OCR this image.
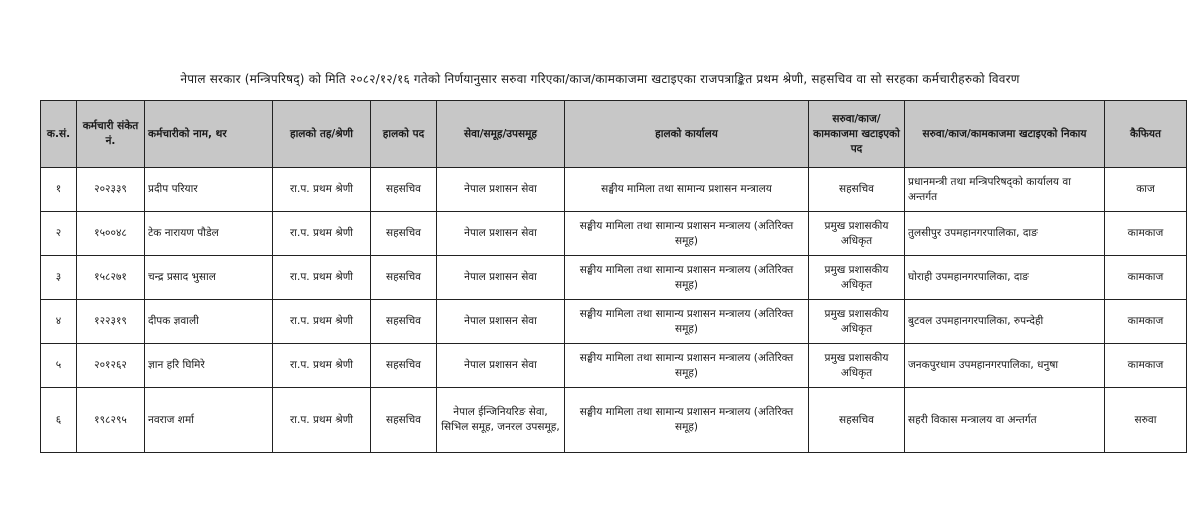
नेपाल सरकार (मन्त्रिपरिषद्) को मिति २०८२/१२/१६ गतेको निर्णयानुसार सरुवा गरिएका/काज/कामकाजमा खटाइएका राजपत्राङ्कित प्रथम श्रेणी, सहसचिव वा सो सरहका कर्मचारीहरुको विवरण
क.सं.	कर्मचारी संकेत नं.	कर्मचारीको नाम, थर	हालको तह/श्रेणी	हालको पद	सेवा/समूह/उपसमूह	हालको कार्यालय	सरुवा/काज/कामकाजमा खटाइएको पद	सरुवा/काज/कामकाजमा खटाइएको निकाय	कैफियत
१	२०२३३९	प्रदीप परियार	रा.प. प्रथम श्रेणी	सहसचिव	नेपाल प्रशासन सेवा	सङ्घीय मामिला तथा सामान्य प्रशासन मन्त्रालय	सहसचिव	प्रधानमन्त्री तथा मन्त्रिपरिषद्को कार्यालय वा अन्तर्गत	काज
२	१५००४८	टेक नारायण पौडेल	रा.प. प्रथम श्रेणी	सहसचिव	नेपाल प्रशासन सेवा	सङ्घीय मामिला तथा सामान्य प्रशासन मन्त्रालय (अतिरिक्त समूह)	प्रमुख प्रशासकीय अधिकृत	तुलसीपुर उपमहानगरपालिका, दाङ	कामकाज
३	१५८२७१	चन्द्र प्रसाद भुसाल	रा.प. प्रथम श्रेणी	सहसचिव	नेपाल प्रशासन सेवा	सङ्घीय मामिला तथा सामान्य प्रशासन मन्त्रालय (अतिरिक्त समूह)	प्रमुख प्रशासकीय अधिकृत	घोराही उपमहानगरपालिका, दाङ	कामकाज
४	१२२३१९	दीपक ज्ञवाली	रा.प. प्रथम श्रेणी	सहसचिव	नेपाल प्रशासन सेवा	सङ्घीय मामिला तथा सामान्य प्रशासन मन्त्रालय (अतिरिक्त समूह)	प्रमुख प्रशासकीय अधिकृत	बुटवल उपमहानगरपालिका, रुपन्देही	कामकाज
५	२०१२६२	ज्ञान हरि घिमिरे	रा.प. प्रथम श्रेणी	सहसचिव	नेपाल प्रशासन सेवा	सङ्घीय मामिला तथा सामान्य प्रशासन मन्त्रालय (अतिरिक्त समूह)	प्रमुख प्रशासकीय अधिकृत	जनकपुरधाम उपमहानगरपालिका, धनुषा	कामकाज
६	१९८२९५	नवराज शर्मा	रा.प. प्रथम श्रेणी	सहसचिव	नेपाल ईन्जिनियरिङ सेवा, सिभिल समूह, जनरल उपसमूह,	सङ्घीय मामिला तथा सामान्य प्रशासन मन्त्रालय (अतिरिक्त समूह)	सहसचिव	सहरी विकास मन्त्रालय वा अन्तर्गत	सरुवा
